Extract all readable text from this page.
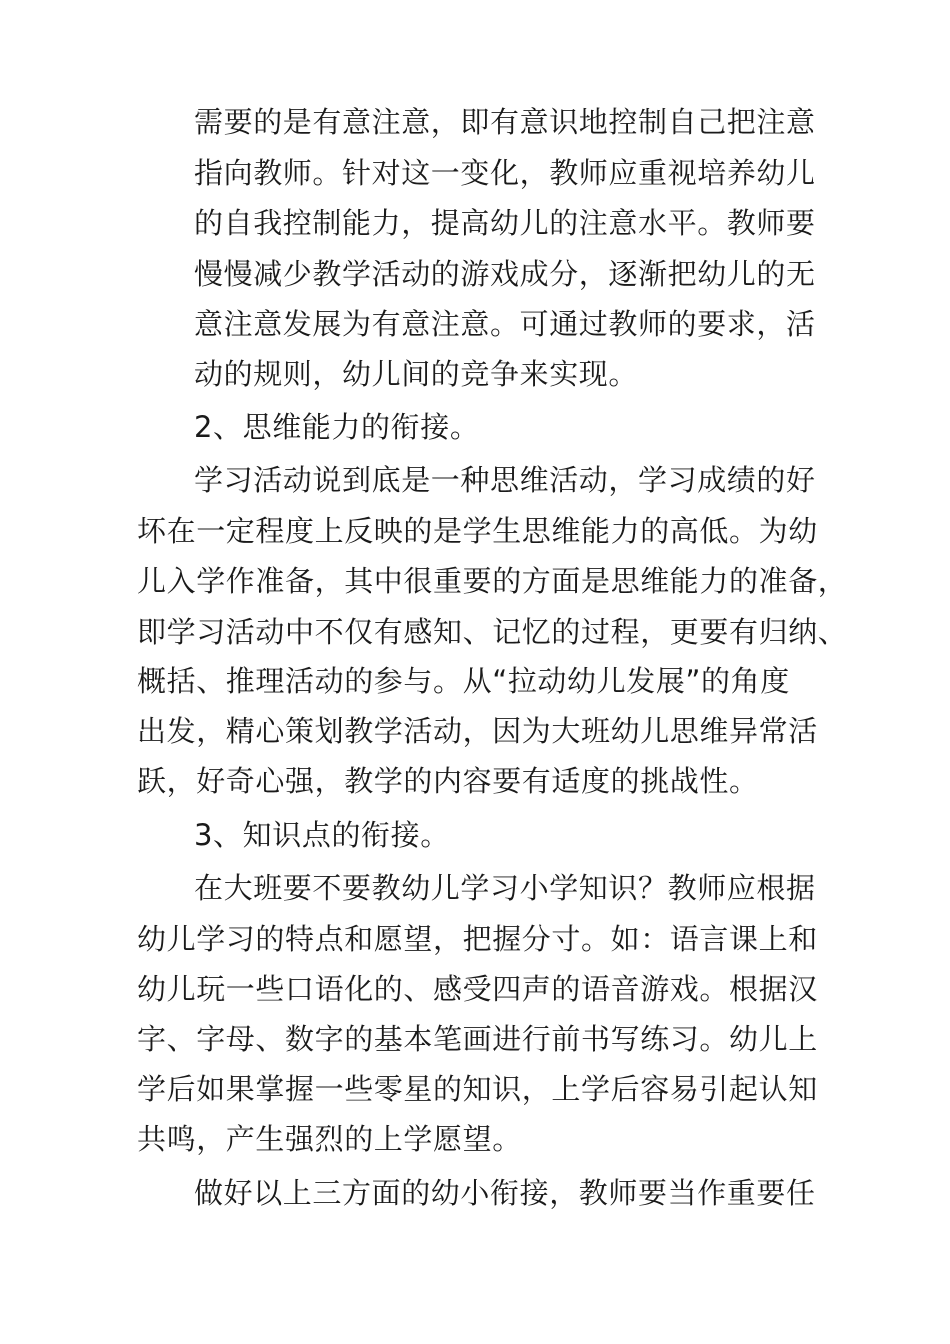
需要的是有意注意，即有意识地控制自己把注意
指向教师。针对这一变化，教师应重视培养幼儿
的自我控制能力，提高幼儿的注意水平。教师要
慢慢减少教学活动的游戏成分，逐渐把幼儿的无
意注意发展为有意注意。可通过教师的要求，活
动的规则，幼儿间的竞争来实现。
2、思维能力的衔接。
学习活动说到底是一种思维活动，学习成绩的好
坏在一定程度上反映的是学生思维能力的高低。为幼
儿入学作准备，其中很重要的方面是思维能力的准备，
即学习活动中不仅有感知、记忆的过程，更要有归纳、
概括、推理活动的参与。从“拉动幼儿发展”的角度
出发，精心策划教学活动，因为大班幼儿思维异常活
跃，好奇心强，教学的内容要有适度的挑战性。
3、知识点的衔接。
在大班要不要教幼儿学习小学知识？教师应根据
幼儿学习的特点和愿望，把握分寸。如：语言课上和
幼儿玩一些口语化的、感受四声的语音游戏。根据汉
字、字母、数字的基本笔画进行前书写练习。幼儿上
学后如果掌握一些零星的知识，上学后容易引起认知
共鸣，产生强烈的上学愿望。
做好以上三方面的幼小衔接，教师要当作重要任
